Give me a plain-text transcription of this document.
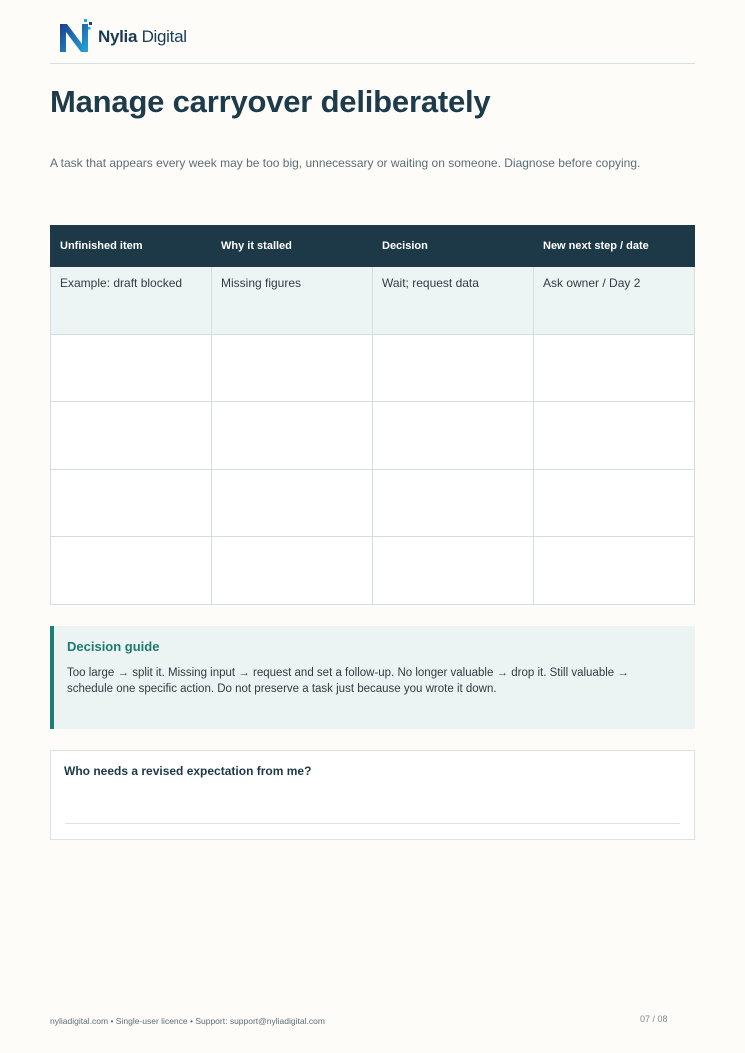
Nylia Digital
Manage carryover deliberately

A task that appears every week may be too big, unnecessary or waiting on someone. Diagnose before copying.

Unfinished item	Why it stalled	Decision	New next step / date
Example: draft blocked	Missing figures	Wait; request data	Ask owner / Day 2

Decision guide
Too large → split it. Missing input → request and set a follow-up. No longer valuable → drop it. Still valuable → schedule one specific action. Do not preserve a task just because you wrote it down.
Who needs a revised expectation from me?
nyliadigital.com • Single-user licence • Support: support@nyliadigital.com	07 / 08
